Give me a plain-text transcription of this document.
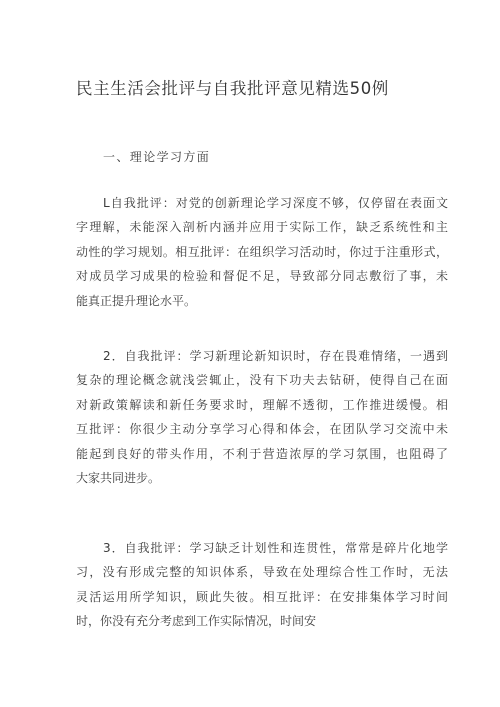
民主生活会批评与自我批评意见精选50例
一、理论学习方面
L自我批评：对党的创新理论学习深度不够，仅停留在表面文
字理解，未能深入剖析内涵并应用于实际工作，缺乏系统性和主
动性的学习规划。相互批评：在组织学习活动时，你过于注重形式，
对成员学习成果的检验和督促不足，导致部分同志敷衍了事，未
能真正提升理论水平。
2．自我批评：学习新理论新知识时，存在畏难情绪，一遇到
复杂的理论概念就浅尝辄止，没有下功夫去钻研，使得自己在面
对新政策解读和新任务要求时，理解不透彻，工作推进缓慢。相
互批评：你很少主动分享学习心得和体会，在团队学习交流中未
能起到良好的带头作用，不利于营造浓厚的学习氛围，也阻碍了
大家共同进步。
3．自我批评：学习缺乏计划性和连贯性，常常是碎片化地学
习，没有形成完整的知识体系，导致在处理综合性工作时，无法
灵活运用所学知识，顾此失彼。相互批评：在安排集体学习时间
时，你没有充分考虑到工作实际情况，时间安
